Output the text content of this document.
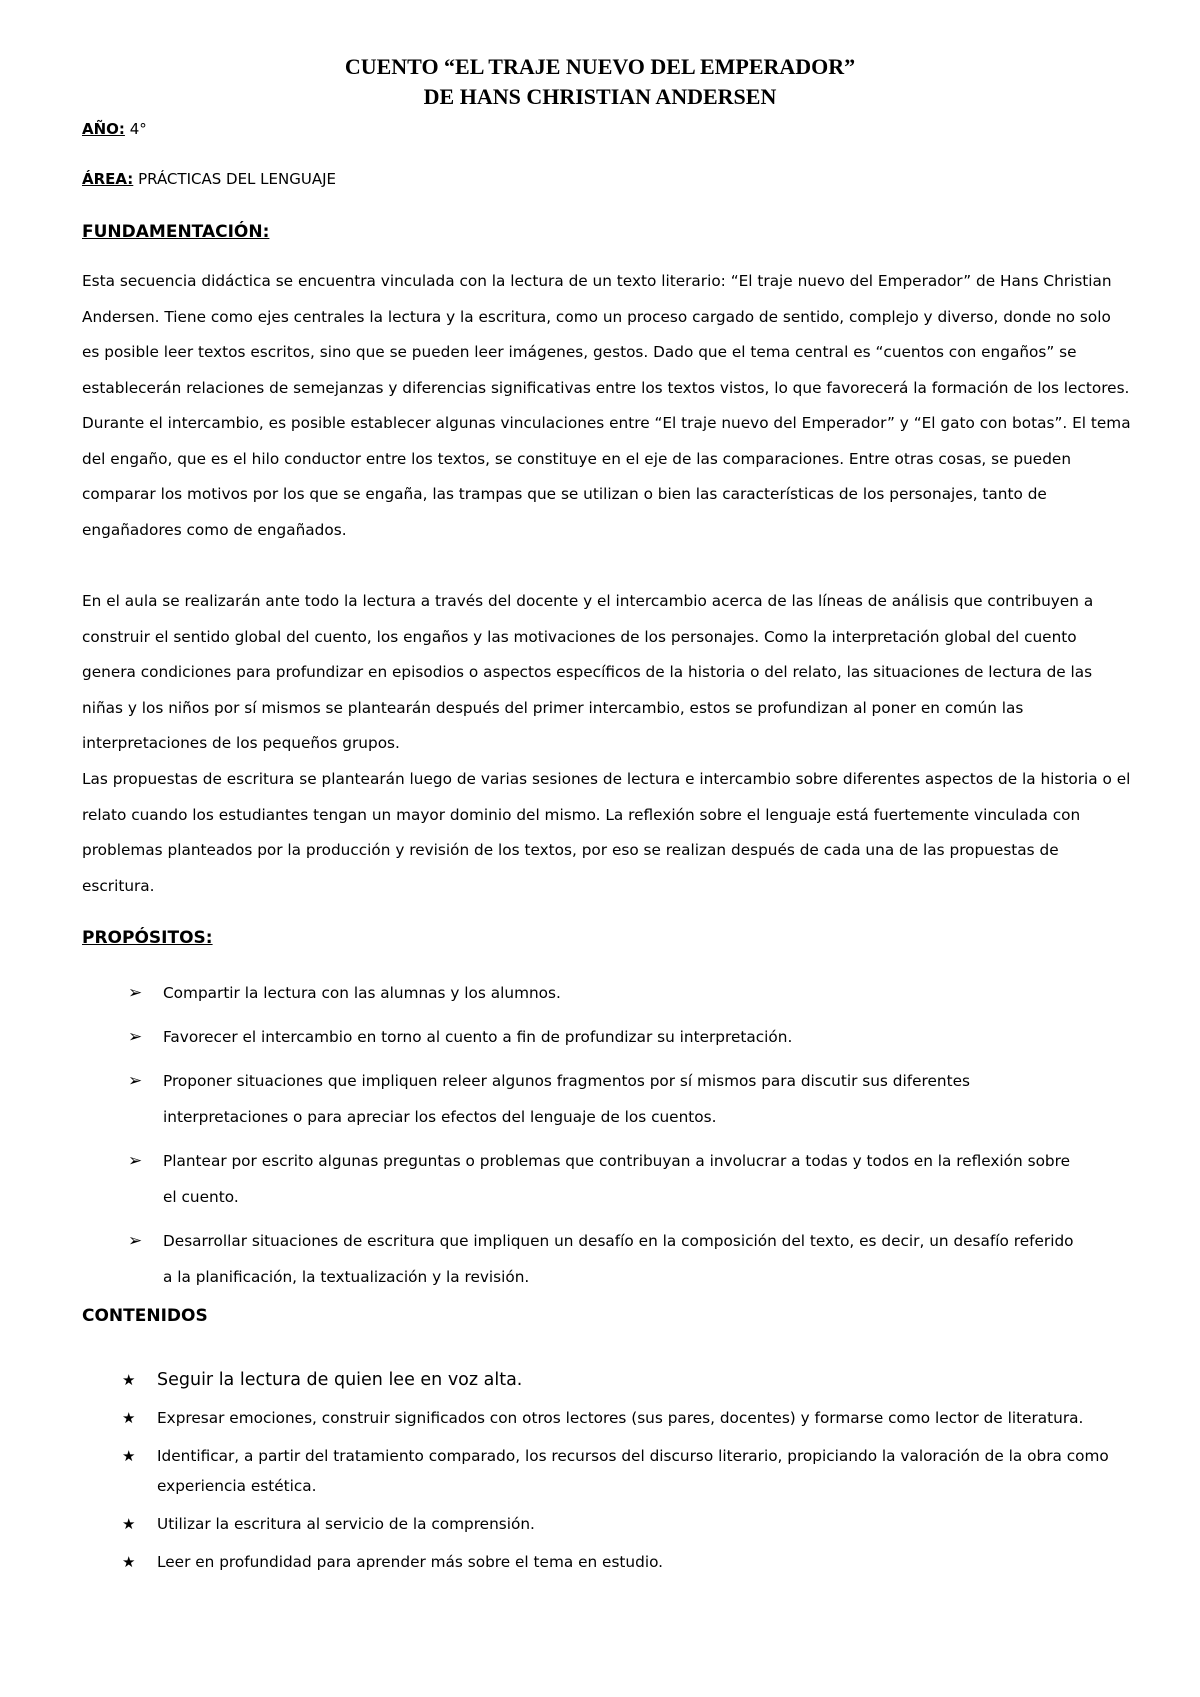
CUENTO “EL TRAJE NUEVO DEL EMPERADOR”
DE HANS CHRISTIAN ANDERSEN
AÑO: 4°
ÁREA: PRÁCTICAS DEL LENGUAJE
FUNDAMENTACIÓN:

Esta secuencia didáctica se encuentra vinculada con la lectura de un texto literario: “El traje nuevo del Emperador” de Hans Christian Andersen. Tiene como ejes centrales la lectura y la escritura, como un proceso cargado de sentido, complejo y diverso, donde no solo es posible leer textos escritos, sino que se pueden leer imágenes, gestos. Dado que el tema central es “cuentos con engaños” se establecerán relaciones de semejanzas y diferencias significativas entre los textos vistos, lo que favorecerá la formación de los lectores. Durante el intercambio, es posible establecer algunas vinculaciones entre “El traje nuevo del Emperador” y “El gato con botas”. El tema del engaño, que es el hilo conductor entre los textos, se constituye en el eje de las comparaciones. Entre otras cosas, se pueden comparar los motivos por los que se engaña, las trampas que se utilizan o bien las características de los personajes, tanto de engañadores como de engañados.

En el aula se realizarán ante todo la lectura a través del docente y el intercambio acerca de las líneas de análisis que contribuyen a construir el sentido global del cuento, los engaños y las motivaciones de los personajes. Como la interpretación global del cuento genera condiciones para profundizar en episodios o aspectos específicos de la historia o del relato, las situaciones de lectura de las niñas y los niños por sí mismos se plantearán después del primer intercambio, estos se profundizan al poner en común las interpretaciones de los pequeños grupos.

Las propuestas de escritura se plantearán luego de varias sesiones de lectura e intercambio sobre diferentes aspectos de la historia o el relato cuando los estudiantes tengan un mayor dominio del mismo. La reflexión sobre el lenguaje está fuertemente vinculada con problemas planteados por la producción y revisión de los textos, por eso se realizan después de cada una de las propuestas de escritura.

PROPÓSITOS:
➢ Compartir la lectura con las alumnas y los alumnos.
➢ Favorecer el intercambio en torno al cuento a fin de profundizar su interpretación.
➢ Proponer situaciones que impliquen releer algunos fragmentos por sí mismos para discutir sus diferentes interpretaciones o para apreciar los efectos del lenguaje de los cuentos.
➢ Plantear por escrito algunas preguntas o problemas que contribuyan a involucrar a todas y todos en la reflexión sobre el cuento.
➢ Desarrollar situaciones de escritura que impliquen un desafío en la composición del texto, es decir, un desafío referido a la planificación, la textualización y la revisión.
CONTENIDOS
★ Seguir la lectura de quien lee en voz alta.
★ Expresar emociones, construir significados con otros lectores (sus pares, docentes) y formarse como lector de literatura.
★ Identificar, a partir del tratamiento comparado, los recursos del discurso literario, propiciando la valoración de la obra como experiencia estética.
★ Utilizar la escritura al servicio de la comprensión.
★ Leer en profundidad para aprender más sobre el tema en estudio.
